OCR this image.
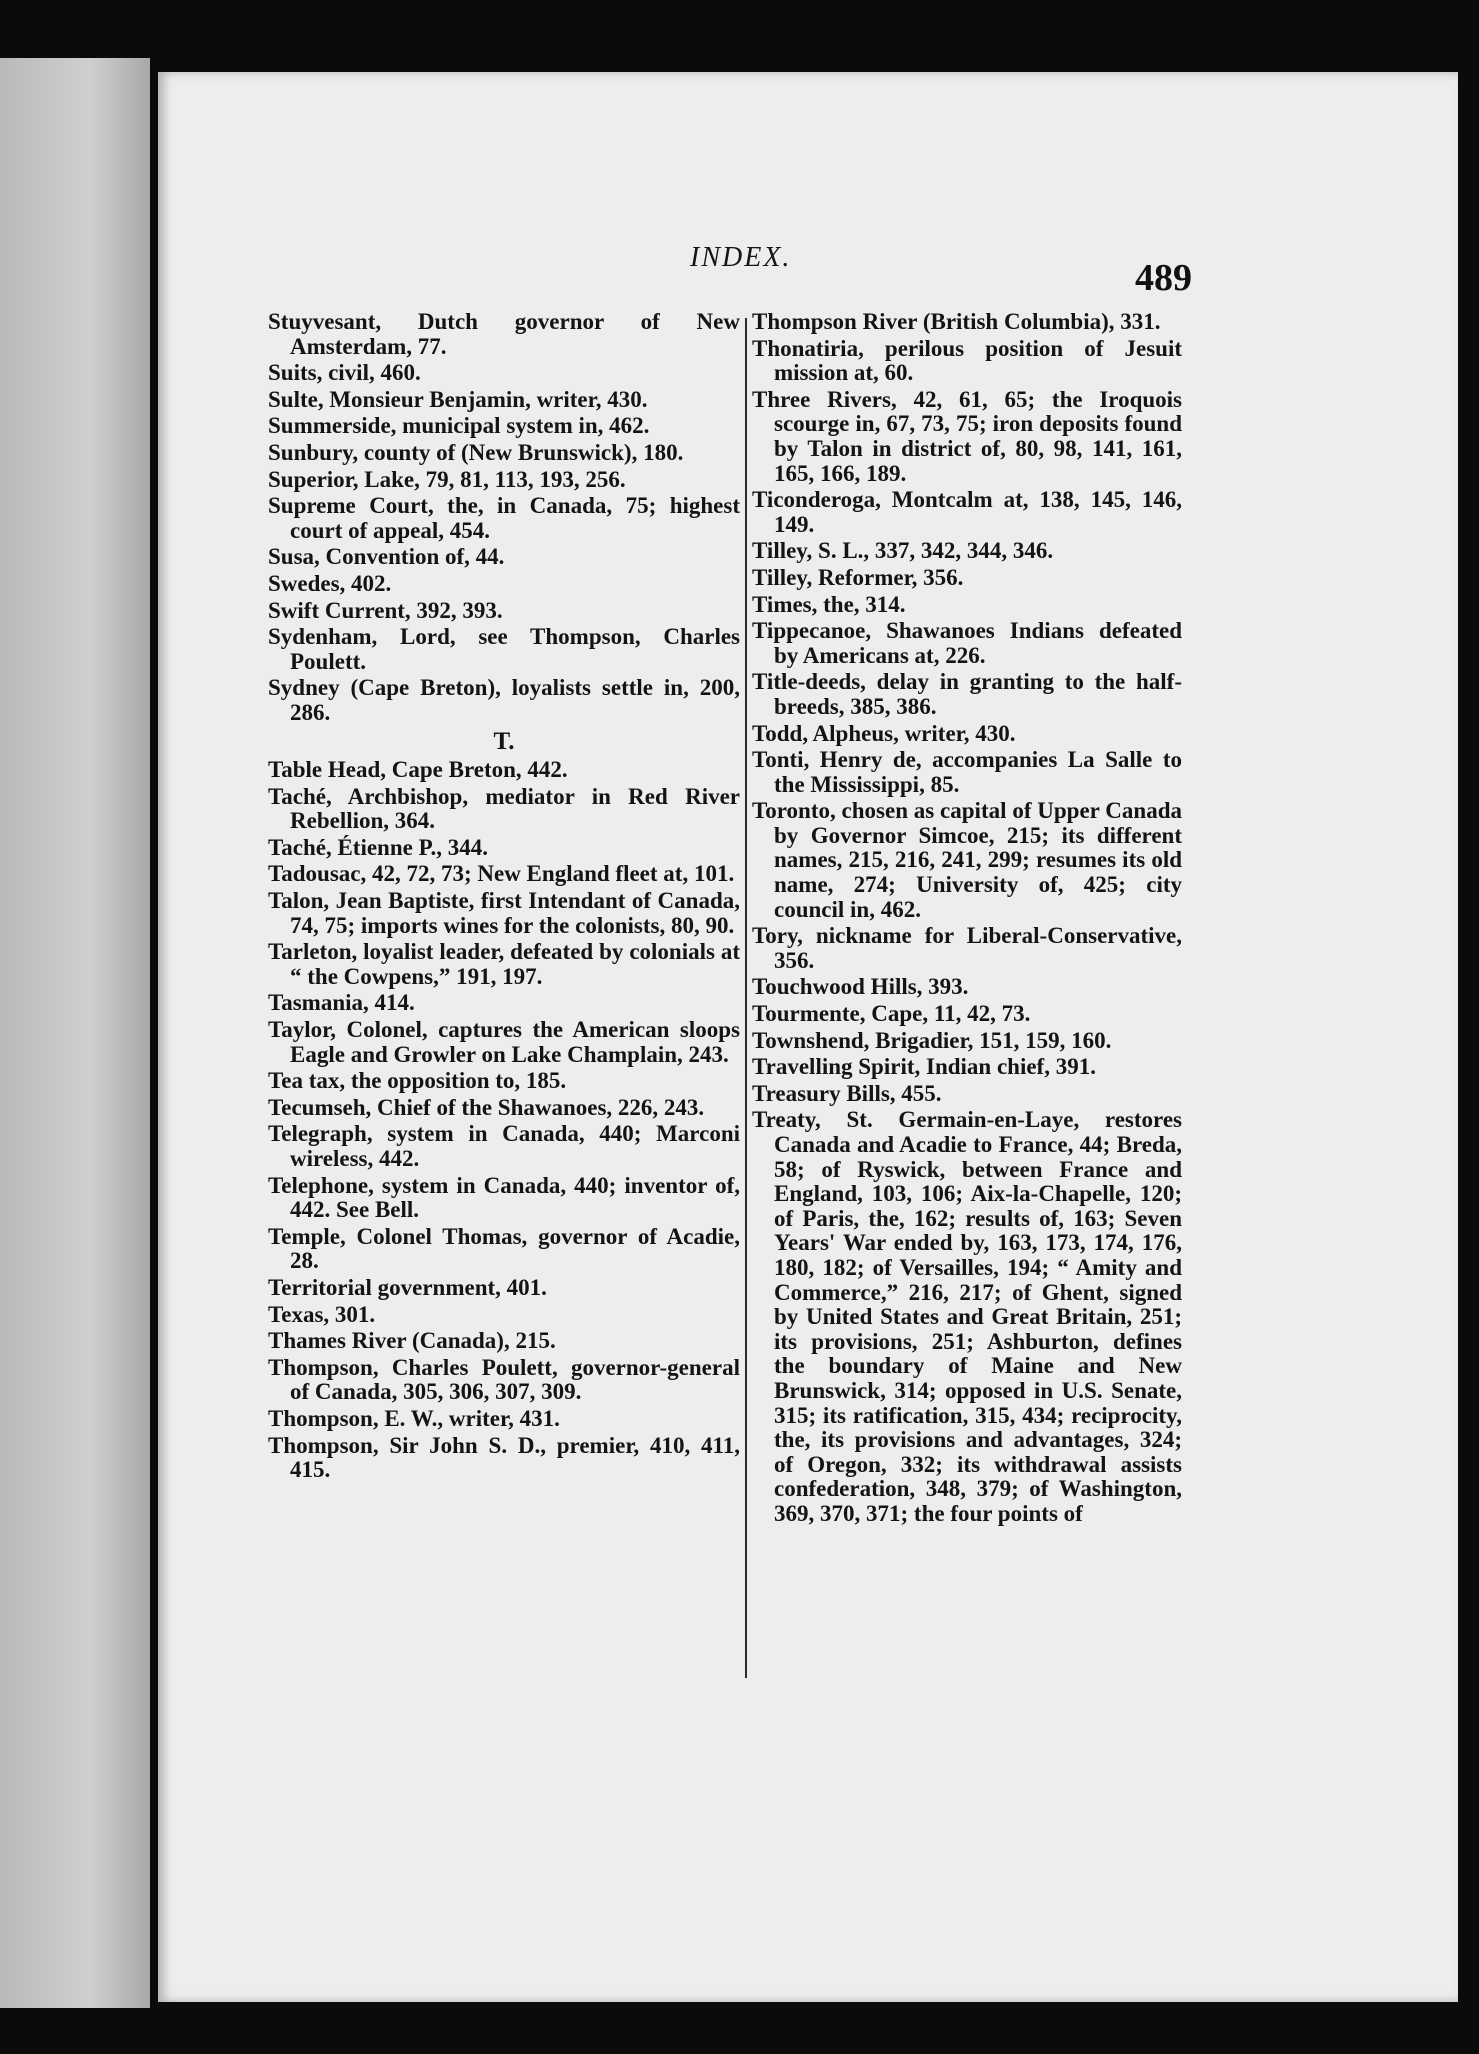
INDEX.	489
Stuyvesant, Dutch governor of New Amsterdam, 77.
Suits, civil, 460.
Sulte, Monsieur Benjamin, writer, 430.
Summerside, municipal system in, 462.
Sunbury, county of (New Brunswick), 180.
Superior, Lake, 79, 81, 113, 193, 256.
Supreme Court, the, in Canada, 75; highest court of appeal, 454.
Susa, Convention of, 44.
Swedes, 402.
Swift Current, 392, 393.
Sydenham, Lord, see Thompson, Charles Poulett.
Sydney (Cape Breton), loyalists settle in, 200, 286.
T.
Table Head, Cape Breton, 442.
Taché, Archbishop, mediator in Red River Rebellion, 364.
Taché, Étienne P., 344.
Tadousac, 42, 72, 73; New England fleet at, 101.
Talon, Jean Baptiste, first Intendant of Canada, 74, 75; imports wines for the colonists, 80, 90.
Tarleton, loyalist leader, defeated by colonials at “ the Cowpens,” 191, 197.
Tasmania, 414.
Taylor, Colonel, captures the American sloops Eagle and Growler on Lake Champlain, 243.
Tea tax, the opposition to, 185.
Tecumseh, Chief of the Shawanoes, 226, 243.
Telegraph, system in Canada, 440; Marconi wireless, 442.
Telephone, system in Canada, 440; inventor of, 442. See Bell.
Temple, Colonel Thomas, governor of Acadie, 28.
Territorial government, 401.
Texas, 301.
Thames River (Canada), 215.
Thompson, Charles Poulett, governor-general of Canada, 305, 306, 307, 309.
Thompson, E. W., writer, 431.
Thompson, Sir John S. D., premier, 410, 411, 415.
Thompson River (British Columbia), 331.
Thonatiria, perilous position of Jesuit mission at, 60.
Three Rivers, 42, 61, 65; the Iroquois scourge in, 67, 73, 75; iron deposits found by Talon in district of, 80, 98, 141, 161, 165, 166, 189.
Ticonderoga, Montcalm at, 138, 145, 146, 149.
Tilley, S. L., 337, 342, 344, 346.
Tilley, Reformer, 356.
Times, the, 314.
Tippecanoe, Shawanoes Indians defeated by Americans at, 226.
Title-deeds, delay in granting to the half-breeds, 385, 386.
Todd, Alpheus, writer, 430.
Tonti, Henry de, accompanies La Salle to the Mississippi, 85.
Toronto, chosen as capital of Upper Canada by Governor Simcoe, 215; its different names, 215, 216, 241, 299; resumes its old name, 274; University of, 425; city council in, 462.
Tory, nickname for Liberal-Conservative, 356.
Touchwood Hills, 393.
Tourmente, Cape, 11, 42, 73.
Townshend, Brigadier, 151, 159, 160.
Travelling Spirit, Indian chief, 391.
Treasury Bills, 455.
Treaty, St. Germain-en-Laye, restores Canada and Acadie to France, 44; Breda, 58; of Ryswick, between France and England, 103, 106; Aix-la-Chapelle, 120; of Paris, the, 162; results of, 163; Seven Years' War ended by, 163, 173, 174, 176, 180, 182; of Versailles, 194; “ Amity and Commerce,” 216, 217; of Ghent, signed by United States and Great Britain, 251; its provisions, 251; Ashburton, defines the boundary of Maine and New Brunswick, 314; opposed in U.S. Senate, 315; its ratification, 315, 434; reciprocity, the, its provisions and advantages, 324; of Oregon, 332; its withdrawal assists confederation, 348, 379; of Washington, 369, 370, 371; the four points of
